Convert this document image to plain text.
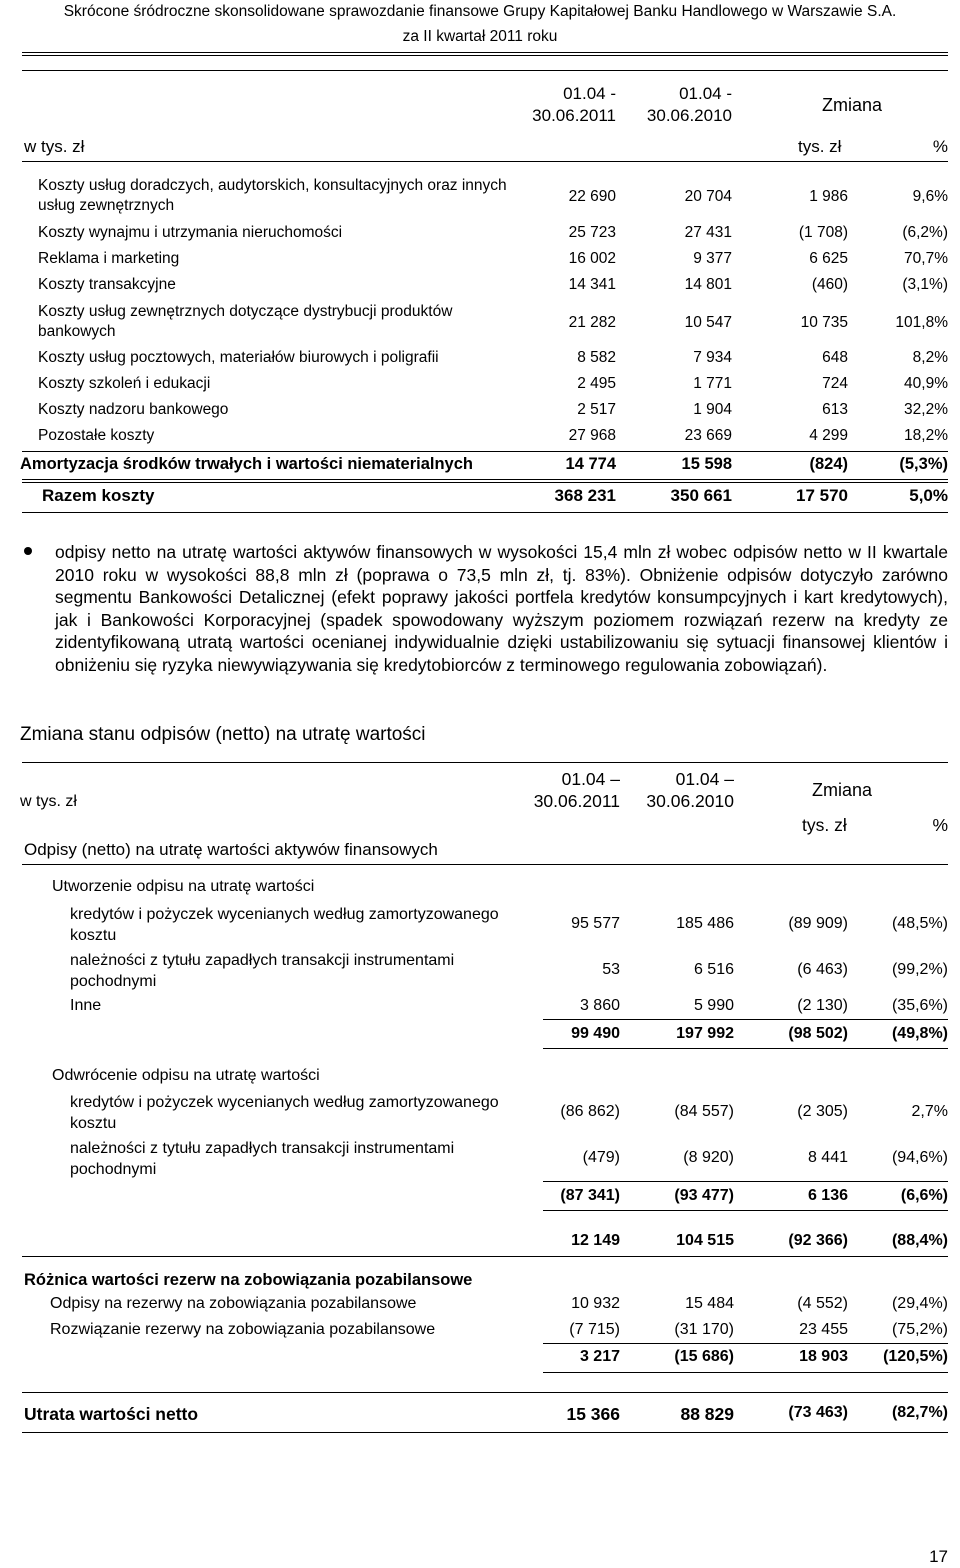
Skrócone śródroczne skonsolidowane sprawozdanie finansowe Grupy Kapitałowej Banku Handlowego w Warszawie S.A.
za II kwartał 2011 roku
01.04 -
30.06.2011
01.04 -
30.06.2010
Zmiana
w tys. zł	tys. zł	%
Koszty usług doradczych, audytorskich, konsultacyjnych oraz innych usług zewnętrznych
22 690	20 704	1 986	9,6%
Koszty wynajmu i utrzymania nieruchomości	25 723	27 431	(1 708)	(6,2%)
Reklama i marketing	16 002	9 377	6 625	70,7%
Koszty transakcyjne	14 341	14 801	(460)	(3,1%)
Koszty usług zewnętrznych dotyczące dystrybucji produktów bankowych
21 282	10 547	10 735	101,8%
Koszty usług pocztowych, materiałów biurowych i poligrafii	8 582	7 934	648	8,2%
Koszty szkoleń i edukacji	2 495	1 771	724	40,9%
Koszty nadzoru bankowego	2 517	1 904	613	32,2%
Pozostałe koszty	27 968	23 669	4 299	18,2%
Amortyzacja środków trwałych i wartości niematerialnych	14 774	15 598	(824)	(5,3%)
Razem koszty	368 231	350 661	17 570	5,0%
odpisy netto na utratę wartości aktywów finansowych w wysokości 15,4 mln zł wobec odpisów netto w II kwartale 2010 roku w wysokości 88,8 mln zł (poprawa o 73,5 mln zł, tj. 83%). Obniżenie odpisów dotyczyło zarówno segmentu Bankowości Detalicznej (efekt poprawy jakości portfela kredytów konsumpcyjnych i kart kredytowych), jak i Bankowości Korporacyjnej (spadek spowodowany wyższym poziomem rozwiązań rezerw na kredyty ze zidentyfikowaną utratą wartości ocenianej indywidualnie dzięki ustabilizowaniu się sytuacji finansowej klientów i obniżeniu się ryzyka niewywiązywania się kredytobiorców z terminowego regulowania zobowiązań).
Zmiana stanu odpisów (netto) na utratę wartości
w tys. zł
01.04 –
30.06.2011
01.04 –
30.06.2010
Zmiana
tys. zł	%
Odpisy (netto) na utratę wartości aktywów finansowych
Utworzenie odpisu na utratę wartości
kredytów i pożyczek wycenianych według zamortyzowanego kosztu
95 577	185 486	(89 909)	(48,5%)
należności z tytułu zapadłych transakcji instrumentami pochodnymi
53	6 516	(6 463)	(99,2%)
Inne	3 860	5 990	(2 130)	(35,6%)
99 490	197 992	(98 502)	(49,8%)
Odwrócenie odpisu na utratę wartości
kredytów i pożyczek wycenianych według zamortyzowanego kosztu
(86 862)	(84 557)	(2 305)	2,7%
należności z tytułu zapadłych transakcji instrumentami pochodnymi
(479)	(8 920)	8 441	(94,6%)
(87 341)	(93 477)	6 136	(6,6%)
12 149	104 515	(92 366)	(88,4%)
Różnica wartości rezerw na zobowiązania pozabilansowe
Odpisy na rezerwy na zobowiązania pozabilansowe	10 932	15 484	(4 552)	(29,4%)
Rozwiązanie rezerwy na zobowiązania pozabilansowe	(7 715)	(31 170)	23 455	(75,2%)
3 217	(15 686)	18 903 (120,5%)
Utrata wartości netto	15 366	88 829	(73 463)	(82,7%)
17
